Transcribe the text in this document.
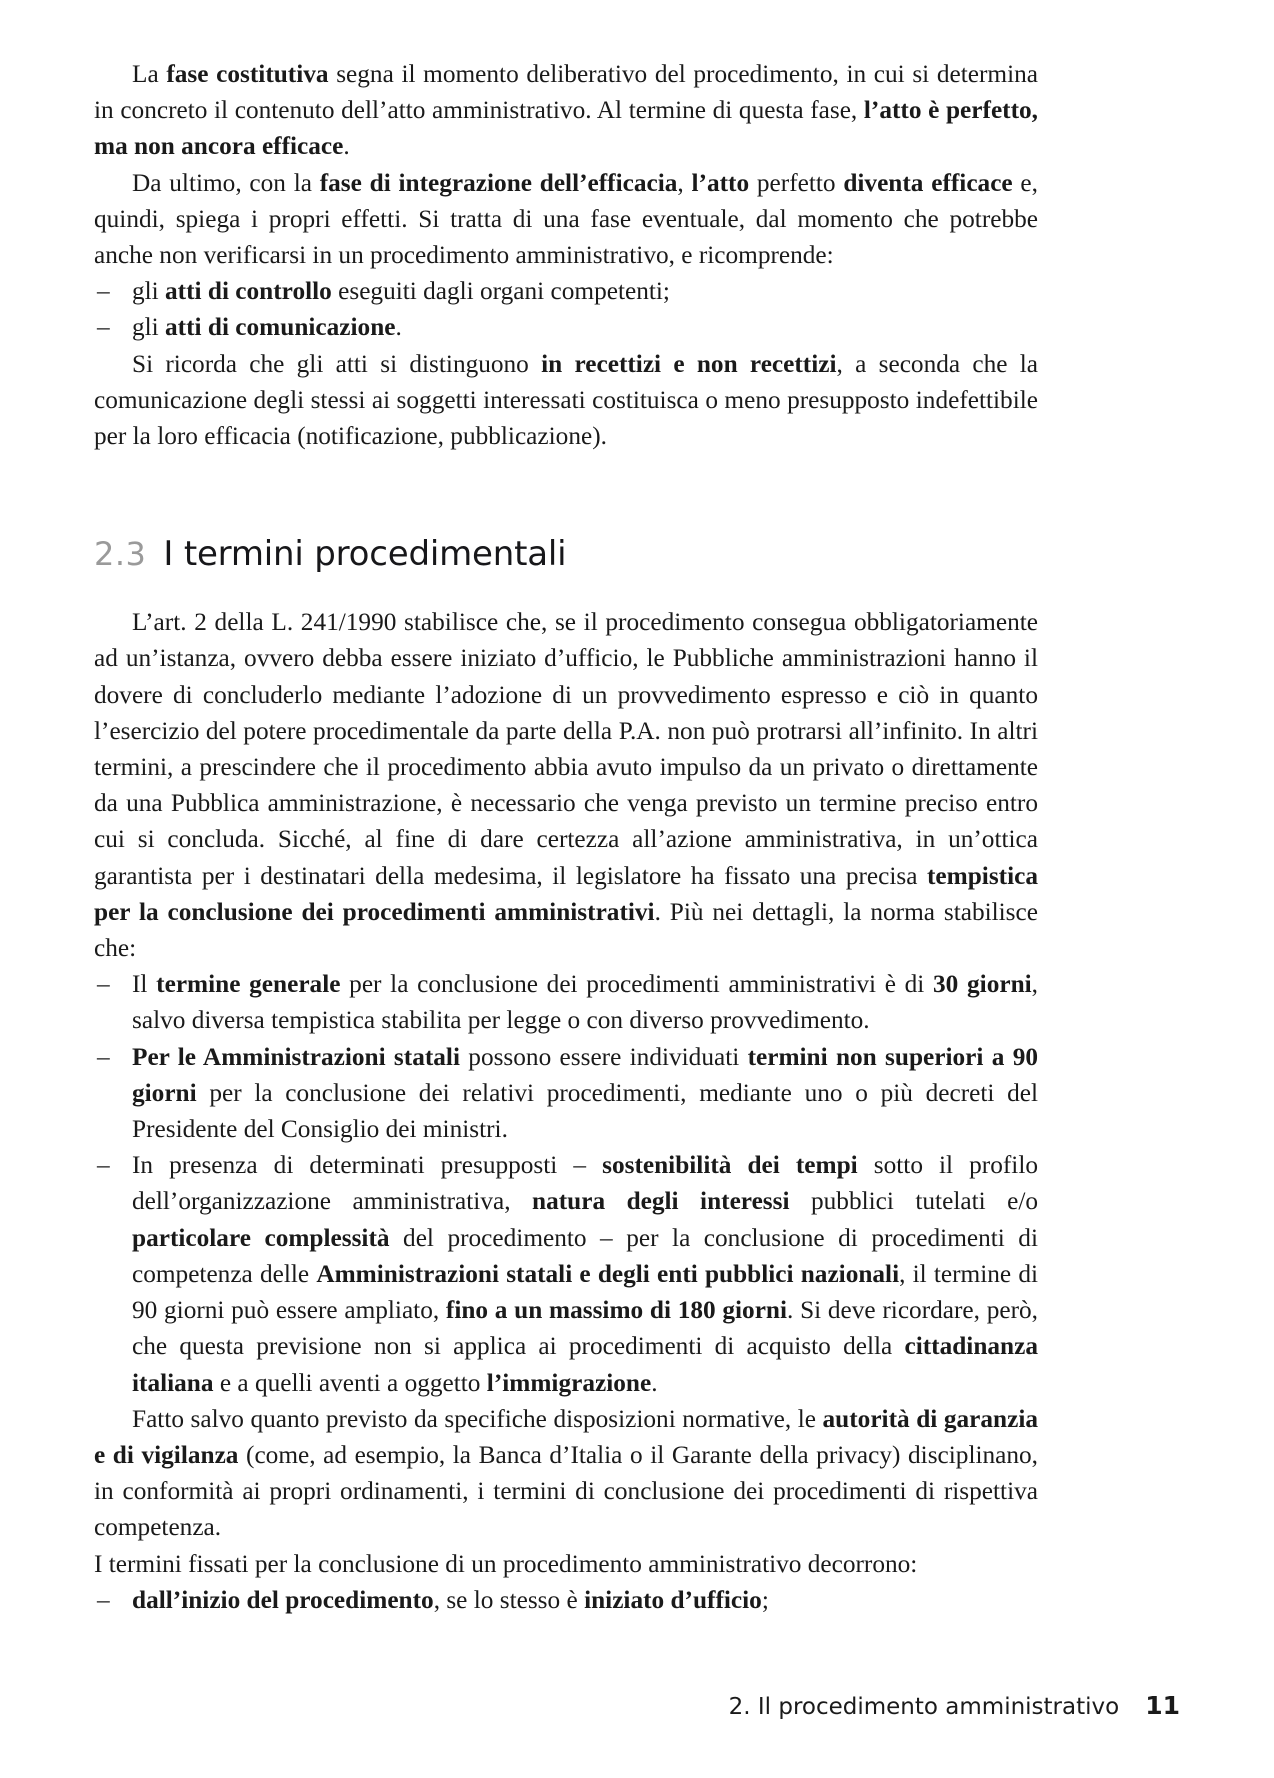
La fase costitutiva segna il momento deliberativo del procedimento, in cui si determina in concreto il contenuto dell’atto amministrativo. Al termine di questa fase, l’atto è perfetto, ma non ancora efficace.

Da ultimo, con la fase di integrazione dell’efficacia, l’atto perfetto diventa efficace e, quindi, spiega i propri effetti. Si tratta di una fase eventuale, dal momento che potrebbe anche non verificarsi in un procedimento amministrativo, e ricomprende:

– gli atti di controllo eseguiti dagli organi competenti;
– gli atti di comunicazione.

Si ricorda che gli atti si distinguono in recettizi e non recettizi, a seconda che la comunicazione degli stessi ai soggetti interessati costituisca o meno presupposto indefettibile per la loro efficacia (notificazione, pubblicazione).

2.3 I termini procedimentali

L’art. 2 della L. 241/1990 stabilisce che, se il procedimento consegua obbligatoriamente ad un’istanza, ovvero debba essere iniziato d’ufficio, le Pubbliche amministrazioni hanno il dovere di concluderlo mediante l’adozione di un provvedimento espresso e ciò in quanto l’esercizio del potere procedimentale da parte della P.A. non può protrarsi all’infinito. In altri termini, a prescindere che il procedimento abbia avuto impulso da un privato o direttamente da una Pubblica amministrazione, è necessario che venga previsto un termine preciso entro cui si concluda. Sicché, al fine di dare certezza all’azione amministrativa, in un’ottica garantista per i destinatari della medesima, il legislatore ha fissato una precisa tempistica per la conclusione dei procedimenti amministrativi. Più nei dettagli, la norma stabilisce che:

– Il termine generale per la conclusione dei procedimenti amministrativi è di 30 giorni, salvo diversa tempistica stabilita per legge o con diverso provvedimento.
– Per le Amministrazioni statali possono essere individuati termini non superiori a 90 giorni per la conclusione dei relativi procedimenti, mediante uno o più decreti del Presidente del Consiglio dei ministri.
– In presenza di determinati presupposti – sostenibilità dei tempi sotto il profilo dell’organizzazione amministrativa, natura degli interessi pubblici tutelati e/o particolare complessità del procedimento – per la conclusione di procedimenti di competenza delle Amministrazioni statali e degli enti pubblici nazionali, il termine di 90 giorni può essere ampliato, fino a un massimo di 180 giorni. Si deve ricordare, però, che questa previsione non si applica ai procedimenti di acquisto della cittadinanza italiana e a quelli aventi a oggetto l’immigrazione.

Fatto salvo quanto previsto da specifiche disposizioni normative, le autorità di garanzia e di vigilanza (come, ad esempio, la Banca d’Italia o il Garante della privacy) disciplinano, in conformità ai propri ordinamenti, i termini di conclusione dei procedimenti di rispettiva competenza.

I termini fissati per la conclusione di un procedimento amministrativo decorrono:

– dall’inizio del procedimento, se lo stesso è iniziato d’ufficio;
2. Il procedimento amministrativo 11
